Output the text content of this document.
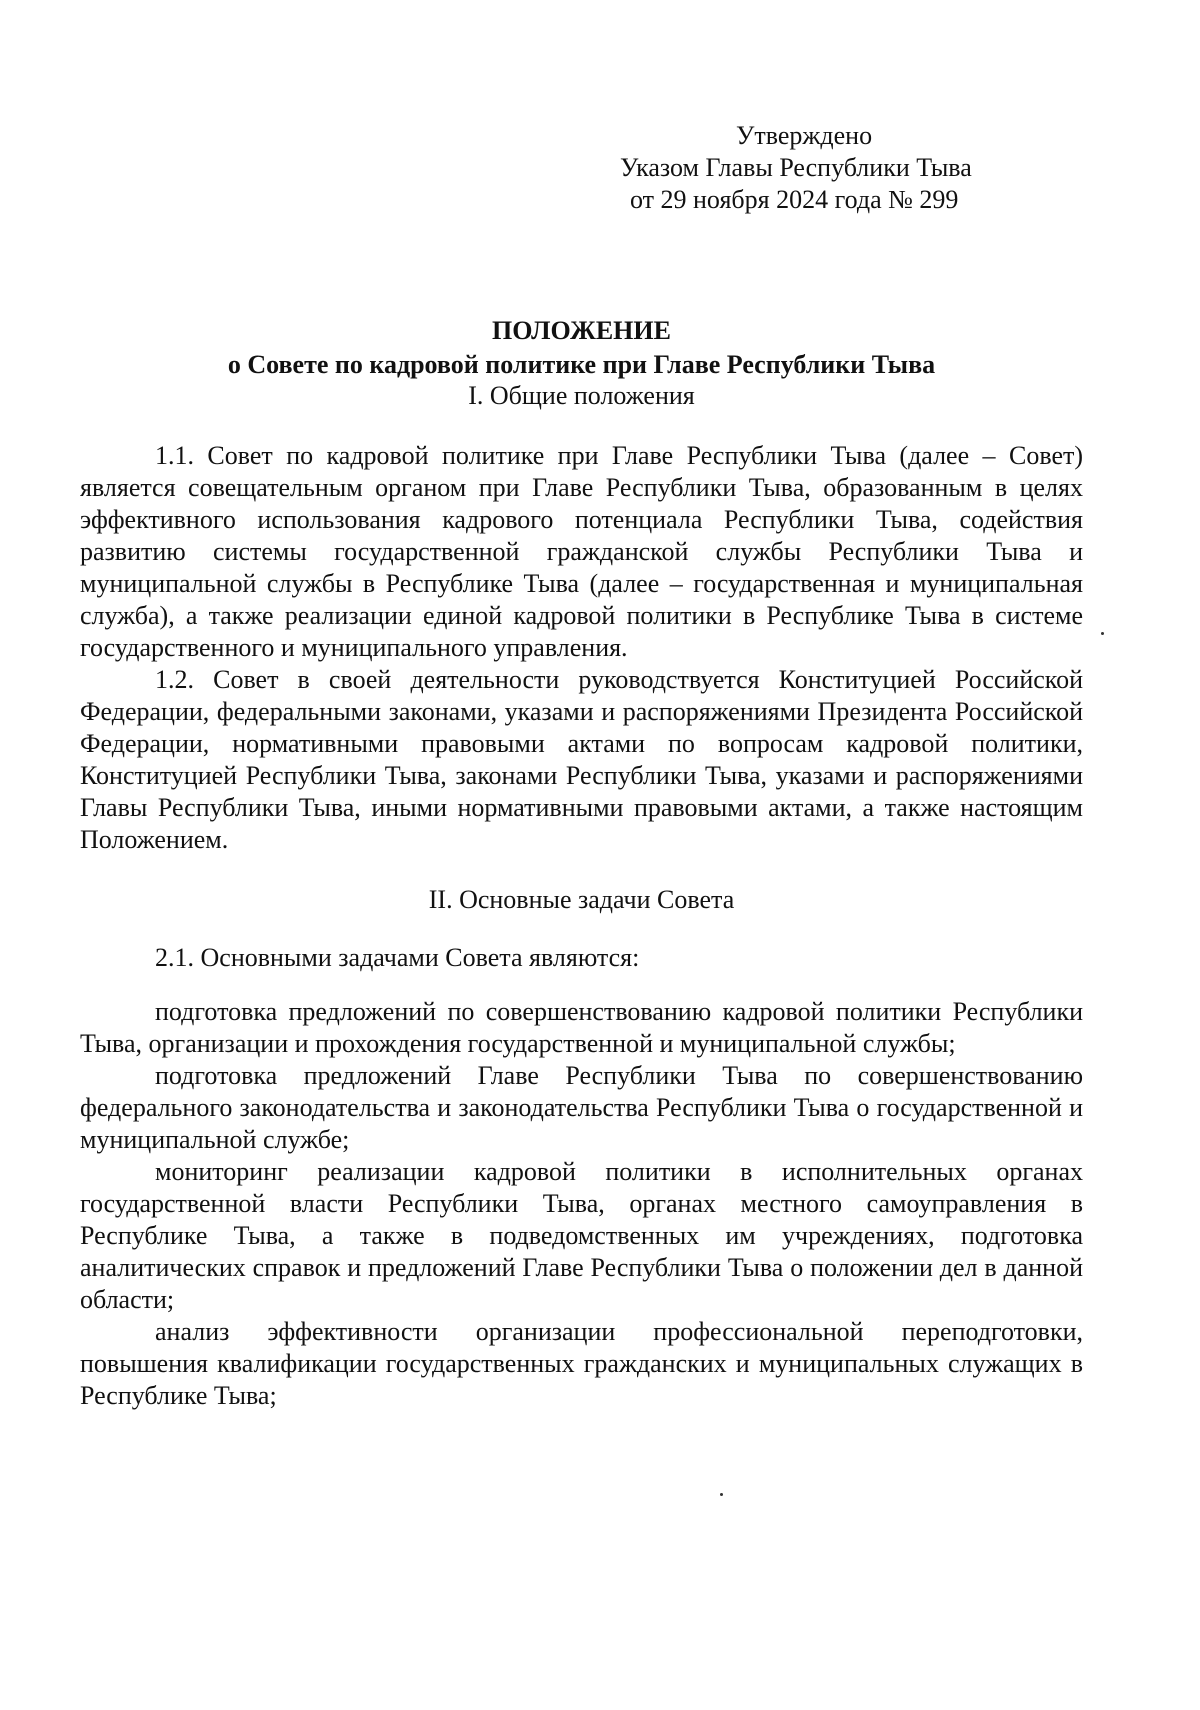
Утверждено
Указом Главы Республики Тыва
от 29 ноября 2024 года № 299
ПОЛОЖЕНИЕ
о Совете по кадровой политике при Главе Республики Тыва
I. Общие положения

1.1. Совет по кадровой политике при Главе Республики Тыва (далее – Совет) является совещательным органом при Главе Республики Тыва, образованным в целях эффективного использования кадрового потенциала Республики Тыва, содействия развитию системы государственной гражданской службы Республики Тыва и муниципальной службы в Республике Тыва (далее – государственная и муниципальная служба), а также реализации единой кадровой политики в Республике Тыва в системе государственного и муниципального управления.

1.2. Совет в своей деятельности руководствуется Конституцией Российской Федерации, федеральными законами, указами и распоряжениями Президента Российской Федерации, нормативными правовыми актами по вопросам кадровой политики, Конституцией Республики Тыва, законами Республики Тыва, указами и распоряжениями Главы Республики Тыва, иными нормативными правовыми актами, а также настоящим Положением.

II. Основные задачи Совета

2.1. Основными задачами Совета являются:

подготовка предложений по совершенствованию кадровой политики Республики Тыва, организации и прохождения государственной и муниципальной службы;

подготовка предложений Главе Республики Тыва по совершенствованию федерального законодательства и законодательства Республики Тыва о государственной и муниципальной службе;

мониторинг реализации кадровой политики в исполнительных органах государственной власти Республики Тыва, органах местного самоуправления в Республике Тыва, а также в подведомственных им учреждениях, подготовка аналитических справок и предложений Главе Республики Тыва о положении дел в данной области;

анализ эффективности организации профессиональной переподготовки, повышения квалификации государственных гражданских и муниципальных служащих в Республике Тыва;
